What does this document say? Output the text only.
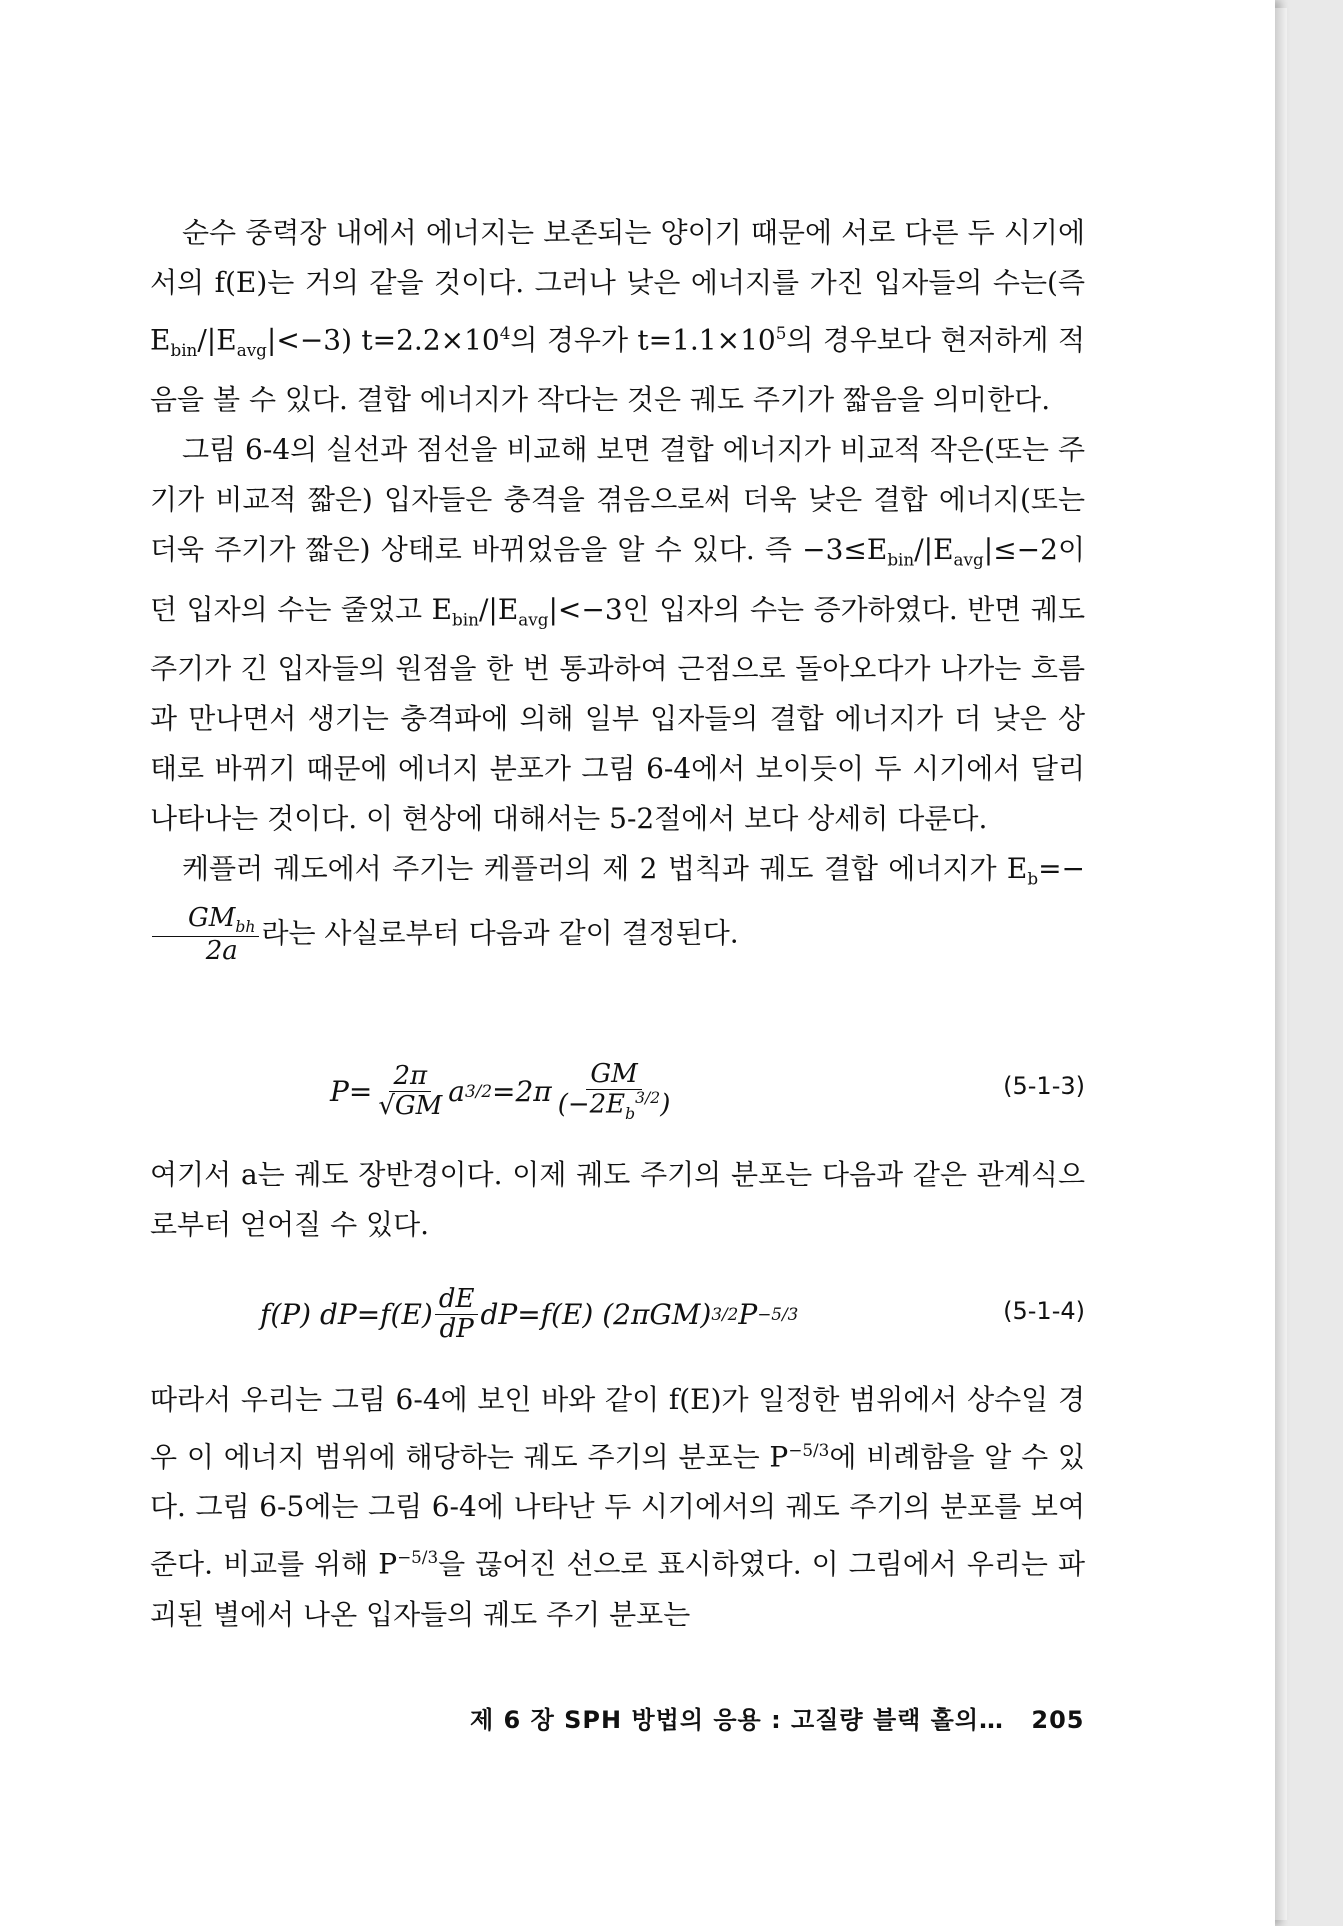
순수 중력장 내에서 에너지는 보존되는 양이기 때문에 서로 다른 두 시기에서의 f(E)는 거의 같을 것이다. 그러나 낮은 에너지를 가진 입자들의 수는(즉 $E_{bin}/|E_{avg}|<-3$) $t=2.2\times 10^4$의 경우가 $t=1.1\times 10^5$의 경우보다 현저하게 적음을 볼 수 있다. 결합 에너지가 작다는 것은 궤도 주기가 짧음을 의미한다.

그림 6-4의 실선과 점선을 비교해 보면 결합 에너지가 비교적 작은(또는 주기가 비교적 짧은) 입자들은 충격을 겪음으로써 더욱 낮은 결합 에너지(또는 더욱 주기가 짧은) 상태로 바뀌었음을 알 수 있다. 즉 $-3\le E_{bin}/|E_{avg}|\le-2$이던 입자의 수는 줄었고 $E_{bin}/|E_{avg}|<-3$인 입자의 수는 증가하였다. 반면 궤도 주기가 긴 입자들의 원점을 한 번 통과하여 근점으로 돌아오다가 나가는 흐름과 만나면서 생기는 충격파에 의해 일부 입자들의 결합 에너지가 더 낮은 상태로 바뀌기 때문에 에너지 분포가 그림 6-4에서 보이듯이 두 시기에서 달리 나타나는 것이다. 이 현상에 대해서는 5-2절에서 보다 상세히 다룬다.

케플러 궤도에서 주기는 케플러의 제 2 법칙과 궤도 결합 에너지가 $E_b=-$
$\frac{GM_{bh}}{2a}$ 라는 사실로부터 다음과 같이 결정된다.

$P= \frac{2\pi}{√GM}$ a $3/2 =2\pi \frac{GM}{(-2E_b^{3/2})}$	(5-1-3)

여기서 a는 궤도 장반경이다. 이제 궤도 주기의 분포는 다음과 같은 관계식으로부터 얻어질 수 있다.

f(P) $dP=f(E) \frac{dE}{dP} dP=f(E)$ (2πGM) 3/2 P −5/3	(5-1-4)

따라서 우리는 그림 6-4에 보인 바와 같이 f(E)가 일정한 범위에서 상수일 경우 이 에너지 범위에 해당하는 궤도 주기의 분포는 $P^{-5/3}$에 비례함을 알 수 있다. 그림 6-5에는 그림 6-4에 나타난 두 시기에서의 궤도 주기의 분포를 보여준다. 비교를 위해 $P^{-5/3}$을 끊어진 선으로 표시하였다. 이 그림에서 우리는 파괴된 별에서 나온 입자들의 궤도 주기 분포는

제 6 장 SPH 방법의 응용 : 고질량 블랙 홀의… 205
